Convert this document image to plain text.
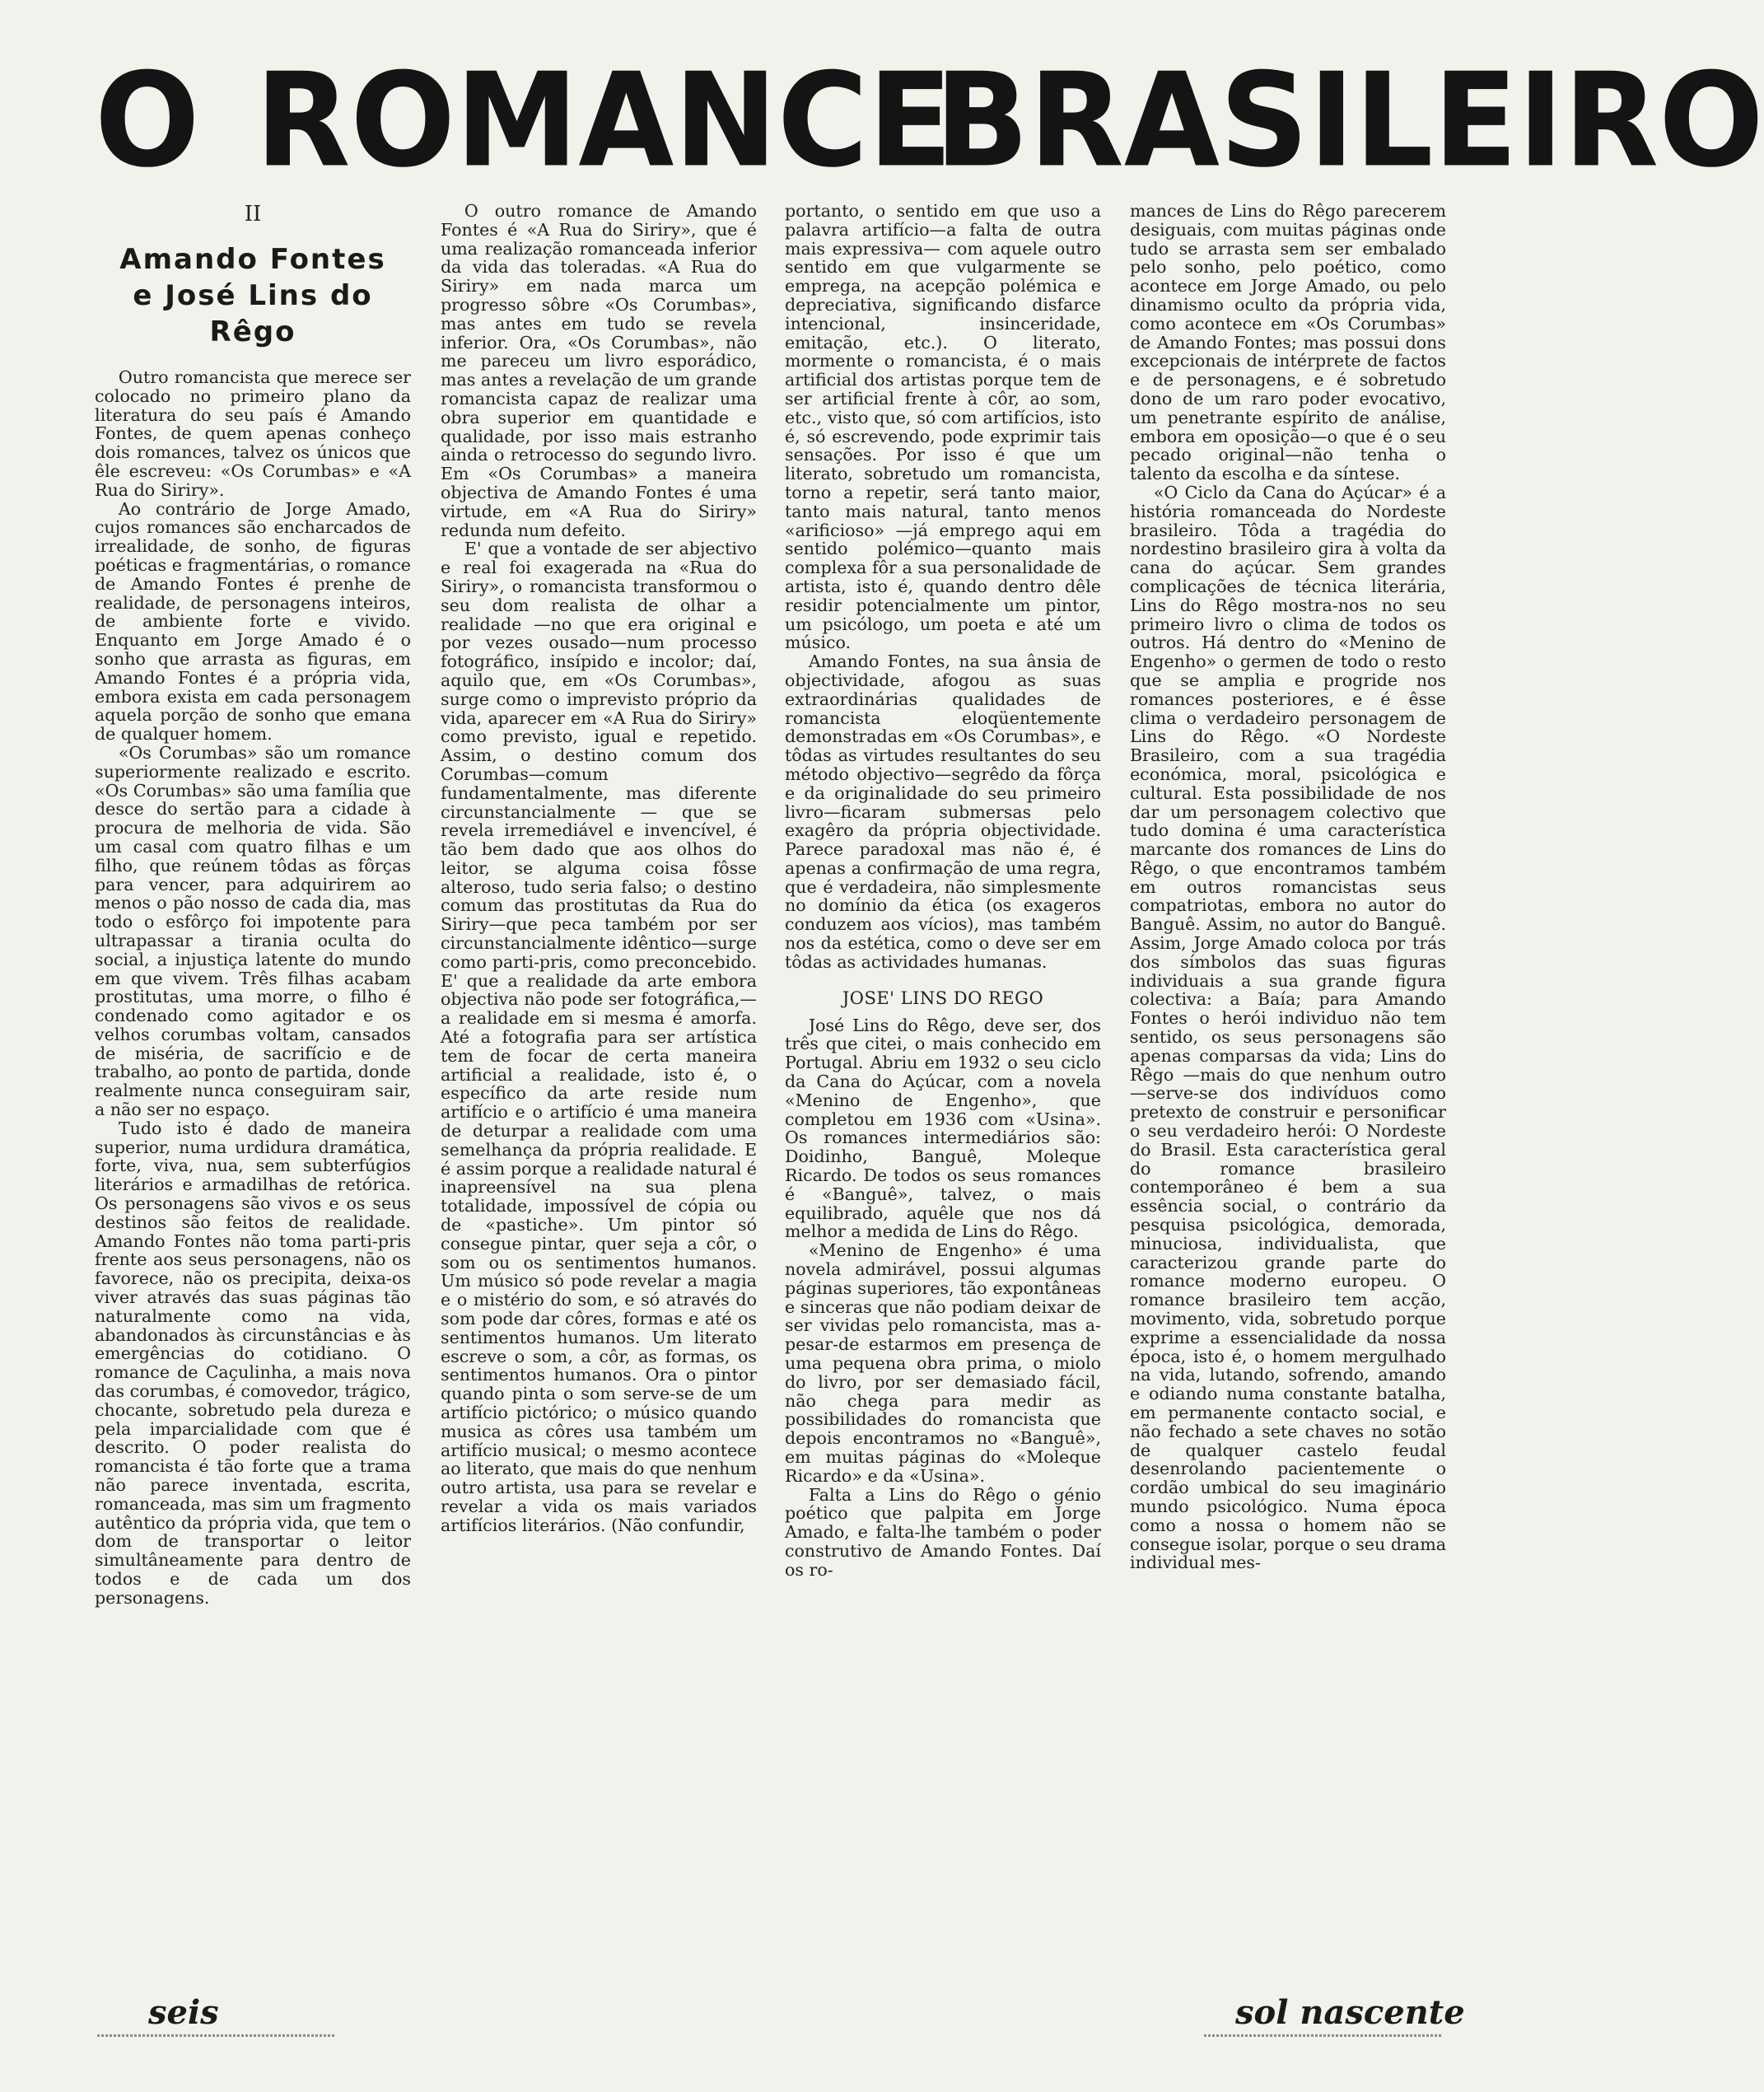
O R O M A N C E
B R A S I L E I R O
II
Amando Fontes
e José Lins do Rêgo

Outro romancista que merece ser colocado no primeiro plano da literatura do seu país é Amando Fontes, de quem apenas conheço dois romances, talvez os únicos que êle escreveu: «Os Corumbas» e «A Rua do Siriry».

Ao contrário de Jorge Amado, cujos romances são encharcados de irrealidade, de sonho, de figuras poéticas e fragmentárias, o romance de Amando Fontes é prenhe de realidade, de personagens inteiros, de ambiente forte e vivido. Enquanto em Jorge Amado é o sonho que arrasta as figuras, em Amando Fontes é a própria vida, embora exista em cada personagem aquela porção de sonho que emana de qualquer homem.

«Os Corumbas» são um romance superiormente realizado e escrito. «Os Corumbas» são uma família que desce do sertão para a cidade à procura de melhoria de vida. São um casal com quatro filhas e um filho, que reúnem tôdas as fôrças para vencer, para adquirirem ao menos o pão nosso de cada dia, mas todo o esfôrço foi impotente para ultrapassar a tirania oculta do social, a injustiça latente do mundo em que vivem. Três filhas acabam prostitutas, uma morre, o filho é condenado como agitador e os velhos corumbas voltam, cansados de miséria, de sacrifício e de trabalho, ao ponto de partida, donde realmente nunca conseguiram sair, a não ser no espaço.

Tudo isto é dado de maneira superior, numa urdidura dramática, forte, viva, nua, sem subterfúgios literários e armadilhas de retórica. Os personagens são vivos e os seus destinos são feitos de realidade. Amando Fontes não toma parti-pris frente aos seus personagens, não os favorece, não os precipita, deixa-os viver através das suas páginas tão naturalmente como na vida, abandonados às circunstâncias e às emergências do cotidiano. O romance de Caçulinha, a mais nova das corumbas, é comovedor, trágico, chocante, sobretudo pela dureza e pela imparcialidade com que é descrito. O poder realista do romancista é tão forte que a trama não parece inventada, escrita, romanceada, mas sim um fragmento autêntico da própria vida, que tem o dom de transportar o leitor simultâneamente para dentro de todos e de cada um dos personagens.

O outro romance de Amando Fontes é «A Rua do Siriry», que é uma realização romanceada inferior da vida das toleradas. «A Rua do Siriry» em nada marca um progresso sôbre «Os Corumbas», mas antes em tudo se revela inferior. Ora, «Os Corumbas», não me pareceu um livro esporádico, mas antes a revelação de um grande romancista capaz de realizar uma obra superior em quantidade e qualidade, por isso mais estranho ainda o retrocesso do segundo livro. Em «Os Corumbas» a maneira objectiva de Amando Fontes é uma virtude, em «A Rua do Siriry» redunda num defeito.

E' que a vontade de ser abjectivo e real foi exagerada na «Rua do Siriry», o romancista transformou o seu dom realista de olhar a realidade —no que era original e por vezes ousado—num processo fotográfico, insípido e incolor; daí, aquilo que, em «Os Corumbas», surge como o imprevisto próprio da vida, aparecer em «A Rua do Siriry» como previsto, igual e repetido. Assim, o destino comum dos Corumbas—comum fundamentalmente, mas diferente circunstancialmente — que se revela irremediável e invencível, é tão bem dado que aos olhos do leitor, se alguma coisa fôsse alteroso, tudo seria falso; o destino comum das prostitutas da Rua do Siriry—que peca também por ser circunstancialmente idêntico—surge como parti-pris, como preconcebido. E' que a realidade da arte embora objectiva não pode ser fotográfica,—a realidade em si mesma é amorfa. Até a fotografia para ser artística tem de focar de certa maneira artificial a realidade, isto é, o específico da arte reside num artifício e o artifício é uma maneira de deturpar a realidade com uma semelhança da própria realidade. E é assim porque a realidade natural é inapreensível na sua plena totalidade, impossível de cópia ou de «pastiche». Um pintor só consegue pintar, quer seja a côr, o som ou os sentimentos humanos. Um músico só pode revelar a magia e o mistério do som, e só através do som pode dar côres, formas e até os sentimentos humanos. Um literato escreve o som, a côr, as formas, os sentimentos humanos. Ora o pintor quando pinta o som serve-se de um artifício pictórico; o músico quando musica as côres usa também um artifício musical; o mesmo acontece ao literato, que mais do que nenhum outro artista, usa para se revelar e revelar a vida os mais variados artifícios literários. (Não confundir,

portanto, o sentido em que uso a palavra artifício—a falta de outra mais expressiva— com aquele outro sentido em que vulgarmente se emprega, na acepção polémica e depreciativa, significando disfarce intencional, insinceridade, emitação, etc.). O literato, mormente o romancista, é o mais artificial dos artistas porque tem de ser artificial frente à côr, ao som, etc., visto que, só com artifícios, isto é, só escrevendo, pode exprimir tais sensações. Por isso é que um literato, sobretudo um romancista, torno a repetir, será tanto maior, tanto mais natural, tanto menos «arificioso» —já emprego aqui em sentido polémico—quanto mais complexa fôr a sua personalidade de artista, isto é, quando dentro dêle residir potencialmente um pintor, um psicólogo, um poeta e até um músico.

Amando Fontes, na sua ânsia de objectividade, afogou as suas extraordinárias qualidades de romancista eloqüentemente demonstradas em «Os Corumbas», e tôdas as virtudes resultantes do seu método objectivo—segrêdo da fôrça e da originalidade do seu primeiro livro—ficaram submersas pelo exagêro da própria objectividade. Parece paradoxal mas não é, é apenas a confirmação de uma regra, que é verdadeira, não simplesmente no domínio da ética (os exageros conduzem aos vícios), mas também nos da estética, como o deve ser em tôdas as actividades humanas.

JOSE' LINS DO REGO

José Lins do Rêgo, deve ser, dos três que citei, o mais conhecido em Portugal. Abriu em 1932 o seu ciclo da Cana do Açúcar, com a novela «Menino de Engenho», que completou em 1936 com «Usina». Os romances intermediários são: Doidinho, Banguê, Moleque Ricardo. De todos os seus romances é «Banguê», talvez, o mais equilibrado, aquêle que nos dá melhor a medida de Lins do Rêgo.

«Menino de Engenho» é uma novela admirável, possui algumas páginas superiores, tão expontâneas e sinceras que não podiam deixar de ser vividas pelo romancista, mas a-pesar-de estarmos em presença de uma pequena obra prima, o miolo do livro, por ser demasiado fácil, não chega para medir as possibilidades do romancista que depois encontramos no «Banguê», em muitas páginas do «Moleque Ricardo» e da «Usina».

Falta a Lins do Rêgo o génio poético que palpita em Jorge Amado, e falta-lhe também o poder construtivo de Amando Fontes. Daí os ro-

mances de Lins do Rêgo parecerem desiguais, com muitas páginas onde tudo se arrasta sem ser embalado pelo sonho, pelo poético, como acontece em Jorge Amado, ou pelo dinamismo oculto da própria vida, como acontece em «Os Corumbas» de Amando Fontes; mas possui dons excepcionais de intérprete de factos e de personagens, e é sobretudo dono de um raro poder evocativo, um penetrante espírito de análise, embora em oposição—o que é o seu pecado original—não tenha o talento da escolha e da síntese.

«O Ciclo da Cana do Açúcar» é a história romanceada do Nordeste brasileiro. Tôda a tragédia do nordestino brasileiro gira à volta da cana do açúcar. Sem grandes complicações de técnica literária, Lins do Rêgo mostra-nos no seu primeiro livro o clima de todos os outros. Há dentro do «Menino de Engenho» o germen de todo o resto que se amplia e progride nos romances posteriores, e é êsse clima o verdadeiro personagem de Lins do Rêgo. «O Nordeste Brasileiro, com a sua tragédia económica, moral, psicológica e cultural. Esta possibilidade de nos dar um personagem colectivo que tudo domina é uma característica marcante dos romances de Lins do Rêgo, o que encontramos também em outros romancistas seus compatriotas, embora no autor do Banguê. Assim, no autor do Banguê. Assim, Jorge Amado coloca por trás dos símbolos das suas figuras individuais a sua grande figura colectiva: a Baía; para Amando Fontes o herói individuo não tem sentido, os seus personagens são apenas comparsas da vida; Lins do Rêgo —mais do que nenhum outro —serve-se dos indivíduos como pretexto de construir e personificar o seu verdadeiro herói: O Nordeste do Brasil. Esta característica geral do romance brasileiro contemporâneo é bem a sua essência social, o contrário da pesquisa psicológica, demorada, minuciosa, individualista, que caracterizou grande parte do romance moderno europeu. O romance brasileiro tem acção, movimento, vida, sobretudo porque exprime a essencialidade da nossa época, isto é, o homem mergulhado na vida, lutando, sofrendo, amando e odiando numa constante batalha, em permanente contacto social, e não fechado a sete chaves no sotão de qualquer castelo feudal desenrolando pacientemente o cordão umbical do seu imaginário mundo psicológico. Numa época como a nossa o homem não se consegue isolar, porque o seu drama individual mes-

seis	sol nascente
